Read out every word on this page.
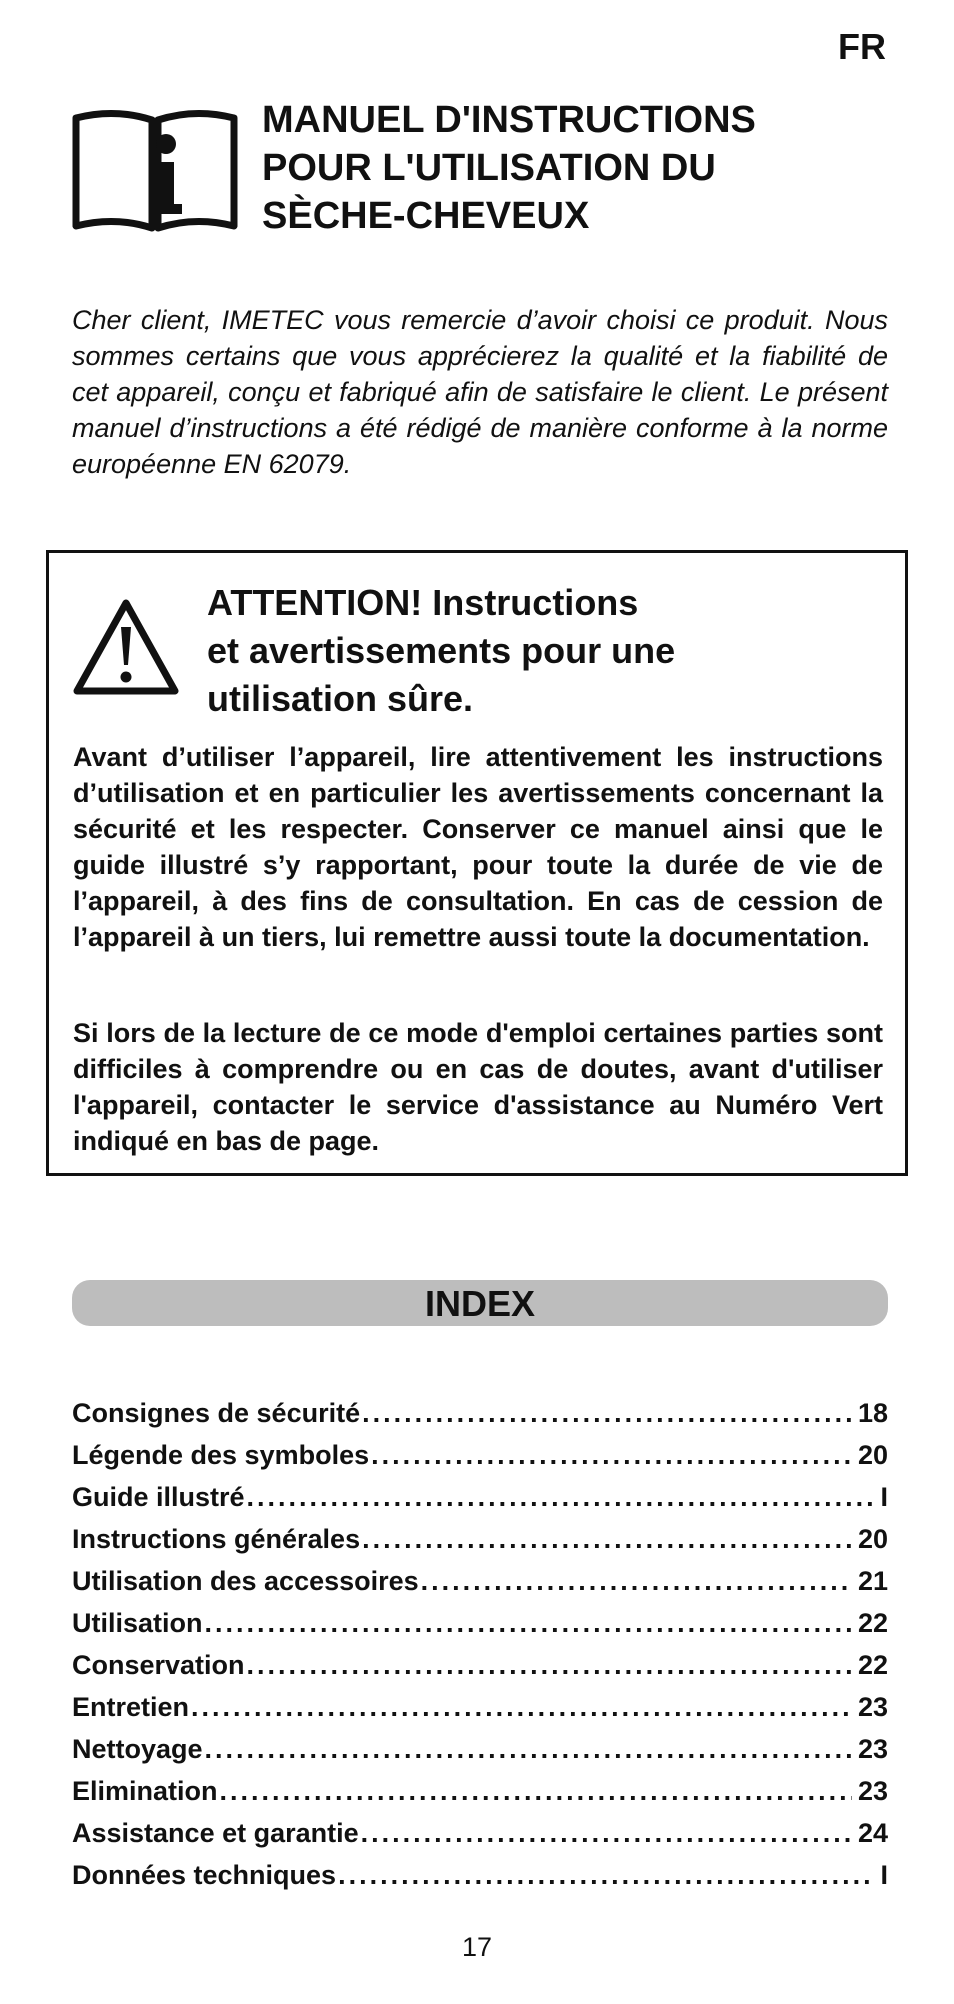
FR
MANUEL D'INSTRUCTIONS
POUR L'UTILISATION DU
SÈCHE-CHEVEUX

Cher client, IMETEC vous remercie d’avoir choisi ce produit. Nous sommes certains que vous apprécierez la qualité et la fiabilité de cet appareil, conçu et fabriqué afin de satisfaire le client. Le présent manuel d’instructions a été rédigé de manière conforme à la norme européenne EN 62079.

ATTENTION! Instructions
et avertissements pour une
utilisation sûre.

Avant d’utiliser l’appareil, lire attentivement les instructions d’utilisation et en particulier les avertissements concernant la sécurité et les respecter. Conserver ce manuel ainsi que le guide illustré s’y rapportant, pour toute la durée de vie de l’appareil, à des fins de consultation. En cas de cession de l’appareil à un tiers, lui remettre aussi toute la documentation.

Si lors de la lecture de ce mode d'emploi certaines parties sont difficiles à comprendre ou en cas de doutes, avant d'utiliser l'appareil, contacter le service d'assistance au Numéro Vert indiqué en bas de page.

INDEX
Consignes de sécurité .....	18
Légende des symboles .....	20
Guide illustré .....	I
Instructions générales .....	20
Utilisation des accessoires .....	21
Utilisation .....	22
Conservation .....	22
Entretien .....	23
Nettoyage .....	23
Elimination .....	23
Assistance et garantie .....	24
Données techniques .....	I
17
